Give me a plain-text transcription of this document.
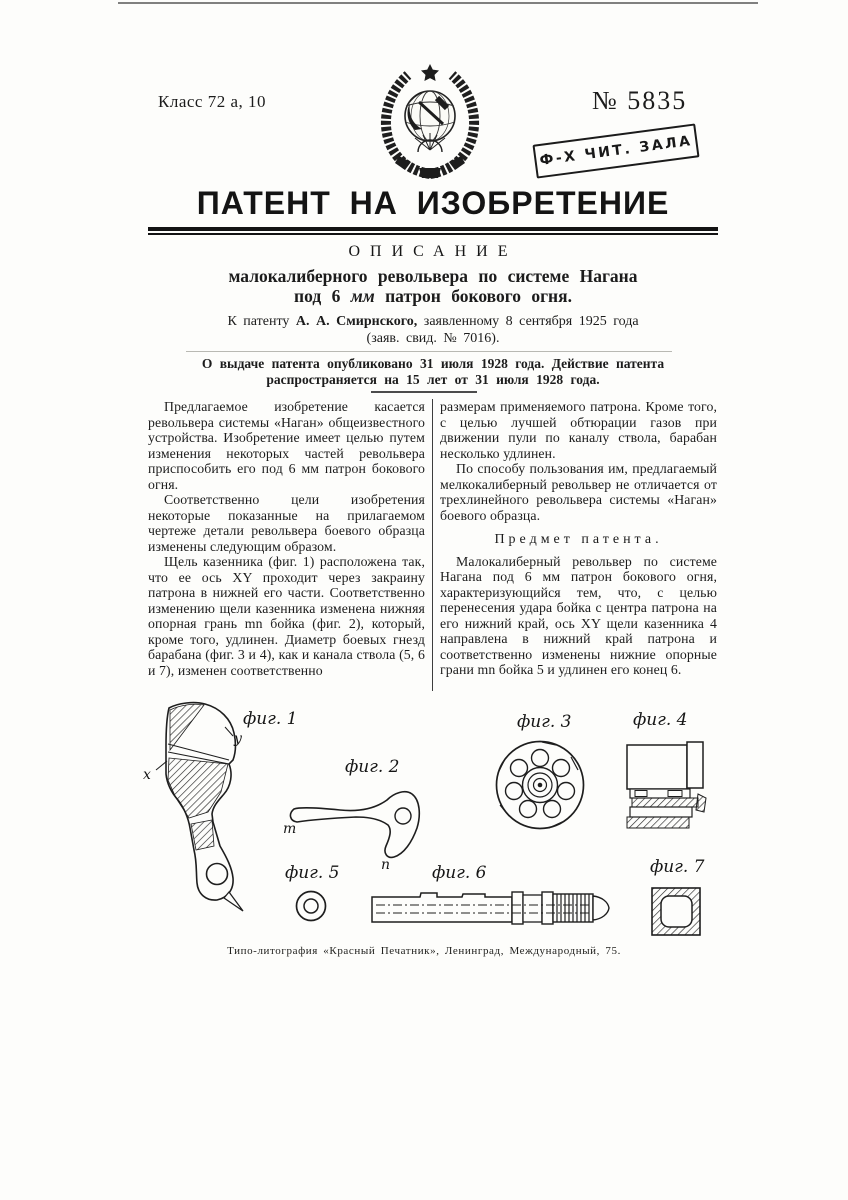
Класс 72 а, 10	№ 5835
Ф-Х ЧИТ. ЗАЛА
ПАТЕНТ НА ИЗОБРЕТЕНИЕ
ОПИСАНИЕ
малокалиберного револьвера по системе Нагана
под 6 мм патрон бокового огня.
К патенту А. А. Смирнского, заявленному 8 сентября 1925 года
(заяв. свид. № 7016).
О выдаче патента опубликовано 31 июля 1928 года. Действие патента
распространяется на 15 лет от 31 июля 1928 года.

Предлагаемое изобретение касается револьвера системы «Наган» общеизвестного устройства. Изобретение имеет целью путем изменения некоторых частей револьвера приспособить его под 6 мм патрон бокового огня.

Соответственно цели изобретения некоторые показанные на прилагаемом чертеже детали револьвера боевого образца изменены следующим образом.

Щель казенника (фиг. 1) расположена так, что ее ось XY проходит через закраину патрона в нижней его части. Соответственно изменению щели казенника изменена нижняя опорная грань mn бойка (фиг. 2), который, кроме того, удлинен. Диаметр боевых гнезд барабана (фиг. 3 и 4), как и канала ствола (5, 6 и 7), изменен соответственно

размерам применяемого патрона. Кроме того, с целью лучшей обтюрации газов при движении пули по каналу ствола, барабан несколько удлинен.

По способу пользования им, предлагаемый мелкокалиберный револьвер не отличается от трехлинейного револьвера системы «Наган» боевого образца.

Предмет патента.

Малокалиберный револьвер по системе Нагана под 6 мм патрон бокового огня, характеризующийся тем, что, с целью перенесения удара бойка с центра патрона на его нижний край, ось XY щели казенника 4 направлена в нижний край патрона и соответственно изменены нижние опорные грани mn бойка 5 и удлинен его конец 6.

x
y
фиг. 1
фиг. 2
m
n
фиг. 3	фиг. 4
фиг. 5	фиг. 6	фиг. 7
Типо-литография «Красный Печатник», Ленинград, Международный, 75.
